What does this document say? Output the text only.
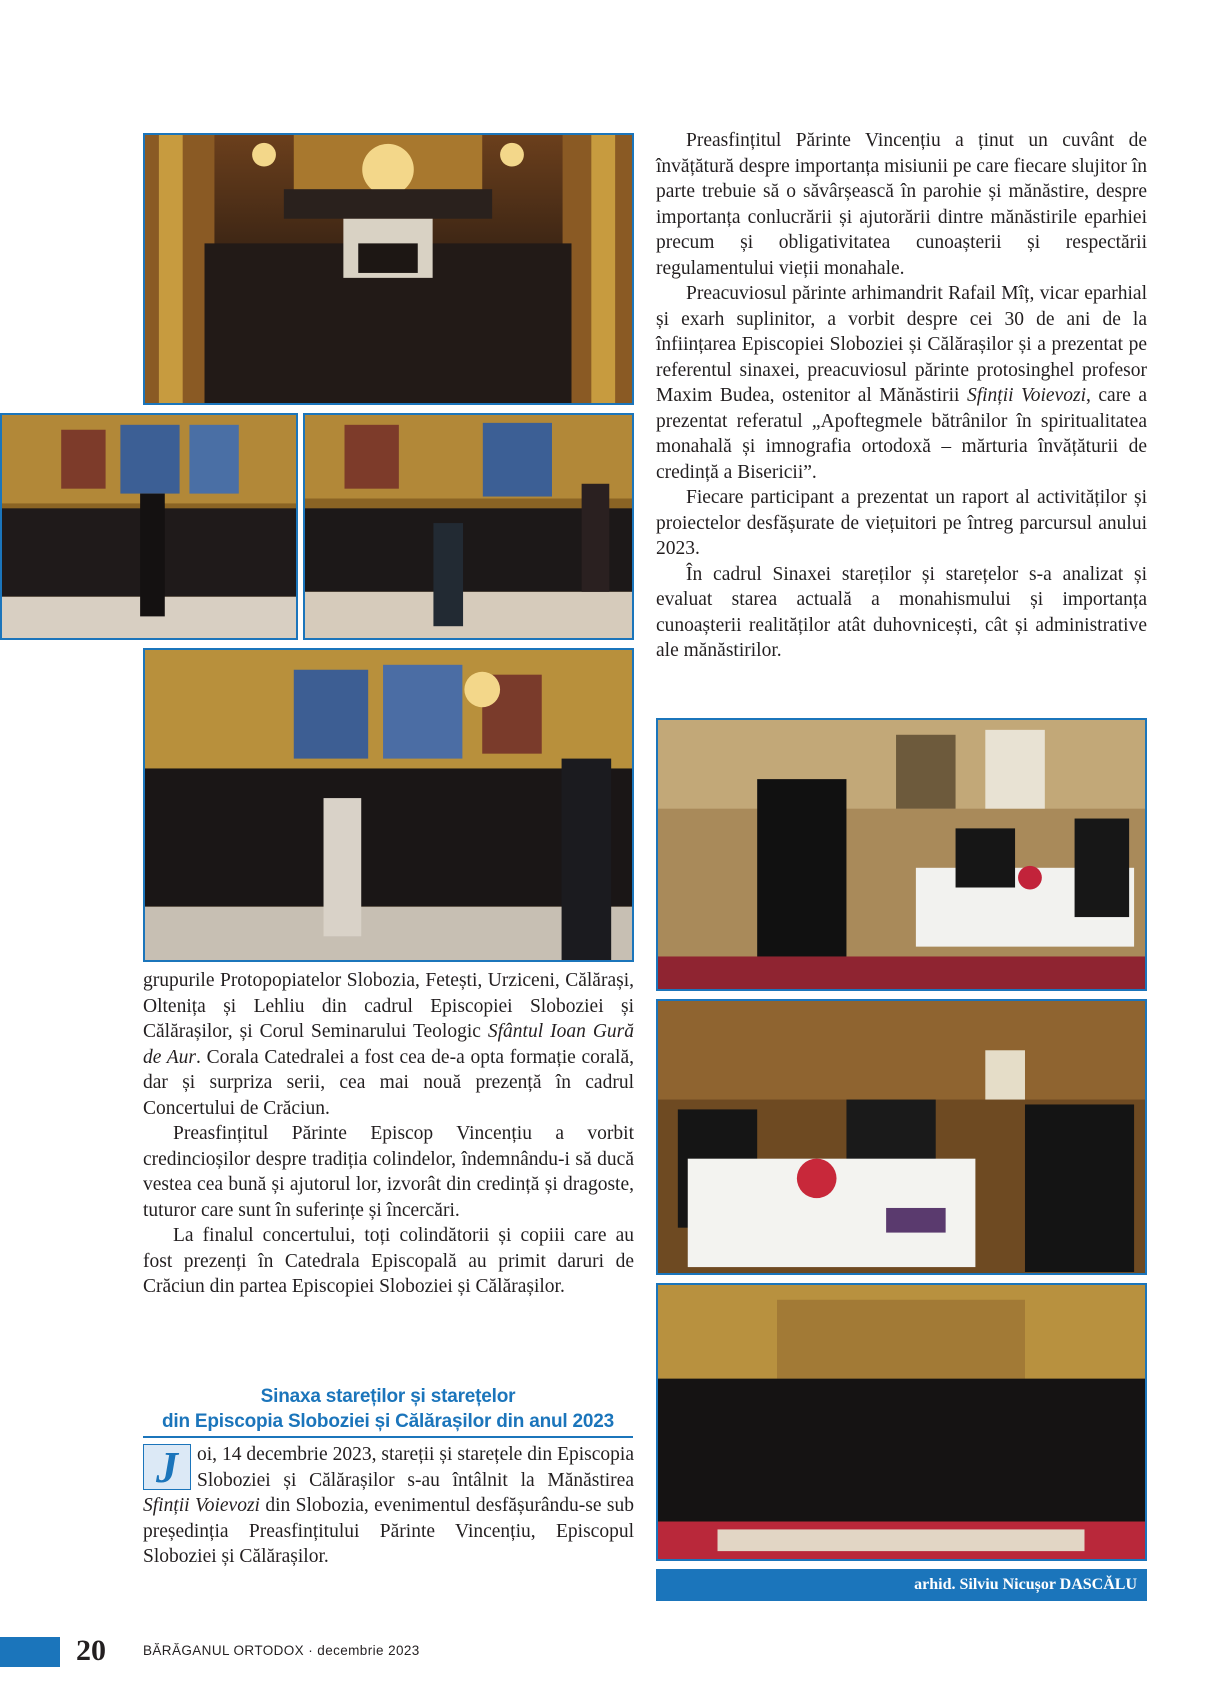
Preasfințitul Părinte Vincențiu a ținut un cuvânt de învățătură despre importanța misiunii pe care fiecare slujitor în parte trebuie să o săvârșească în parohie și mănăstire, despre importanța conlucrării și ajutorării dintre mănăstirile eparhiei precum și obligativitatea cunoașterii și respectării regulamentului vieții monahale.

Preacuviosul părinte arhimandrit Rafail Mîț, vicar eparhial și exarh suplinitor, a vorbit despre cei 30 de ani de la înființarea Episcopiei Sloboziei și Călărașilor și a prezentat pe referentul sinaxei, preacuviosul părinte protosinghel profesor Maxim Budea, ostenitor al Mănăstirii Sfinții Voievozi, care a prezentat referatul „Apoftegmele bătrânilor în spiritualitatea monahală și imnografia ortodoxă – mărturia învățăturii de credință a Bisericii”.

Fiecare participant a prezentat un raport al activităților și proiectelor desfășurate de viețuitori pe întreg parcursul anului 2023.

În cadrul Sinaxei stareților și starețelor s-a analizat și evaluat starea actuală a monahismului și importanța cunoașterii realităților atât duhovnicești, cât și administrative ale mănăstirilor.

grupurile Protopopiatelor Slobozia, Fetești, Urziceni, Călărași, Oltenița și Lehliu din cadrul Episcopiei Sloboziei și Călărașilor, și Corul Seminarului Teologic Sfântul Ioan Gură de Aur. Corala Catedralei a fost cea de-a opta formație corală, dar și surpriza serii, cea mai nouă prezență în cadrul Concertului de Crăciun.

Preasfințitul Părinte Episcop Vincențiu a vorbit credincioșilor despre tradiția colindelor, îndemnându-i să ducă vestea cea bună și ajutorul lor, izvorât din credință și dragoste, tuturor care sunt în suferințe și încercări.

La finalul concertului, toți colindătorii și copiii care au fost prezenți în Catedrala Episcopală au primit daruri de Crăciun din partea Episcopiei Sloboziei și Călărașilor.

Sinaxa stareților și starețelor
din Episcopia Sloboziei și Călărașilor din anul 2023

J oi, 14 decembrie 2023, stareții și starețele din Episcopia Sloboziei și Călărașilor s-au întâlnit la Mănăstirea Sfinții Voievozi din Slobozia, evenimentul desfășurându-se sub președinția Preasfințitului Părinte Vincențiu, Episcopul Sloboziei și Călărașilor.

arhid. Silviu Nicușor DASCĂLU
20	BĂRĂGANUL ORTODOX · decembrie 2023
